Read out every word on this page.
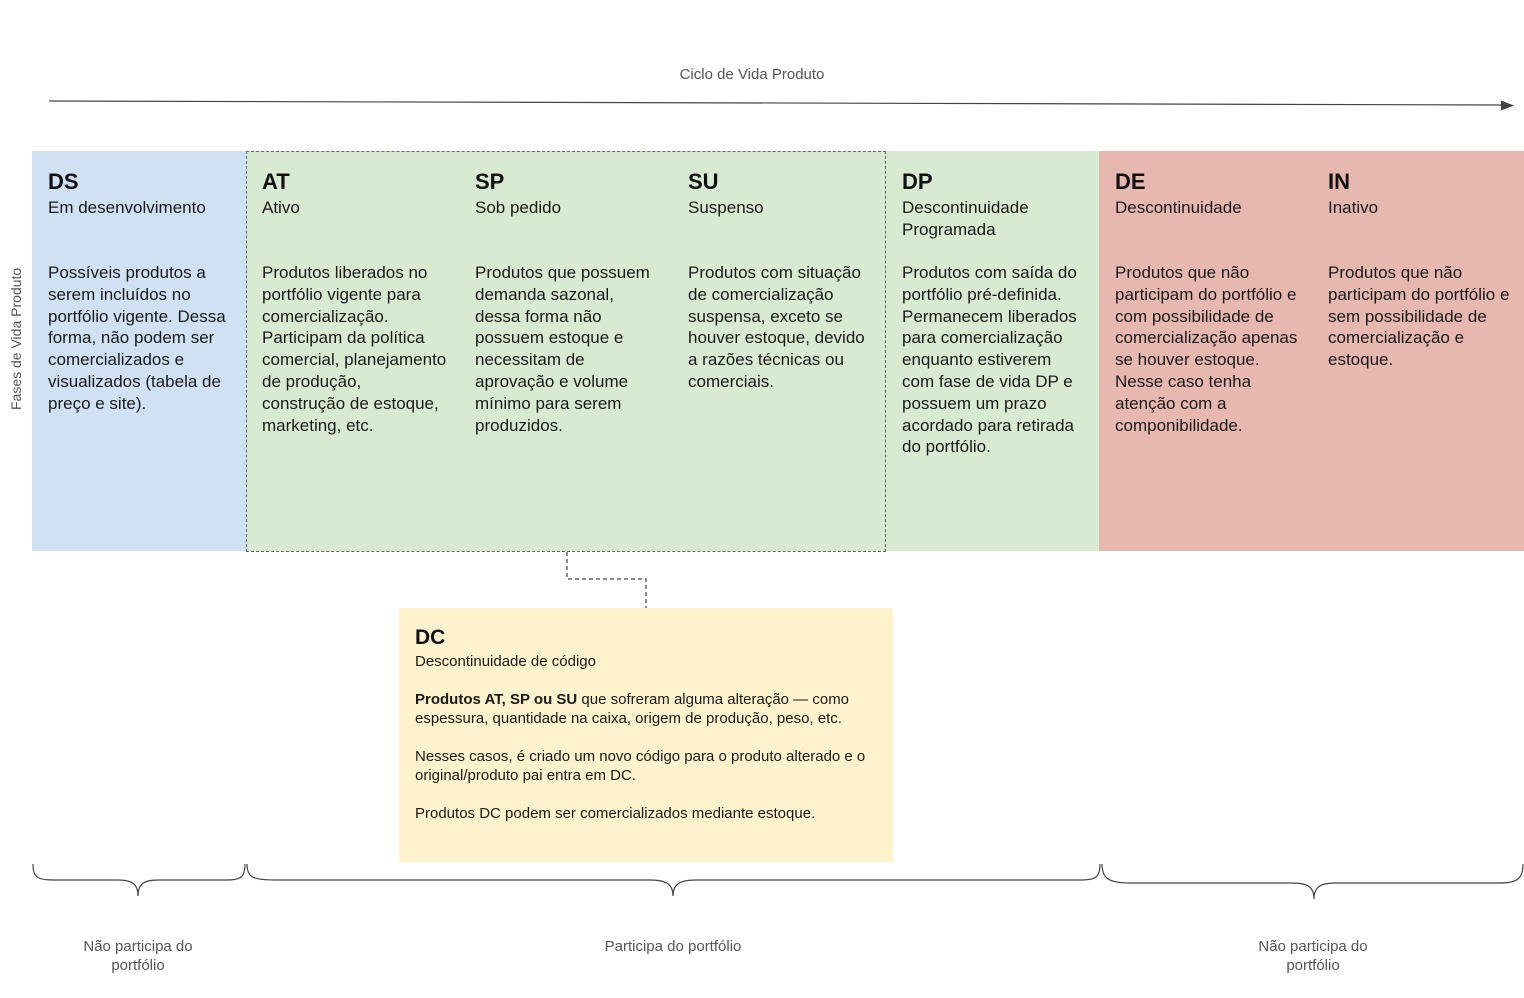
Ciclo de Vida Produto
Fases de Vida Produto
DS
Em desenvolvimento
Possíveis produtos a serem incluídos no portfólio vigente. Dessa forma, não podem ser comercializados e visualizados (tabela de preço e site).
AT
Ativo
Produtos liberados no portfólio vigente para comercialização. Participam da política comercial, planejamento de produção, construção de estoque, marketing, etc.
SP
Sob pedido
Produtos que possuem demanda sazonal, dessa forma não possuem estoque e necessitam de aprovação e volume mínimo para serem produzidos.
SU
Suspenso
Produtos com situação de comercialização suspensa, exceto se houver estoque, devido a razões técnicas ou comerciais.
DP
Descontinuidade Programada
Produtos com saída do portfólio pré-definida. Permanecem liberados para comercialização enquanto estiverem com fase de vida DP e possuem um prazo acordado para retirada do portfólio.
DE
Descontinuidade
Produtos que não participam do portfólio e com possibilidade de comercialização apenas se houver estoque. Nesse caso tenha atenção com a componibilidade.
IN
Inativo
Produtos que não participam do portfólio e sem possibilidade de comercialização e estoque.
DC
Descontinuidade de código

Produtos AT, SP ou SU que sofreram alguma alteração — como espessura, quantidade na caixa, origem de produção, peso, etc.

Nesses casos, é criado um novo código para o produto alterado e o original/produto pai entra em DC.

Produtos DC podem ser comercializados mediante estoque.

Não participa do portfólio
Participa do portfólio	Não participa do portfólio
